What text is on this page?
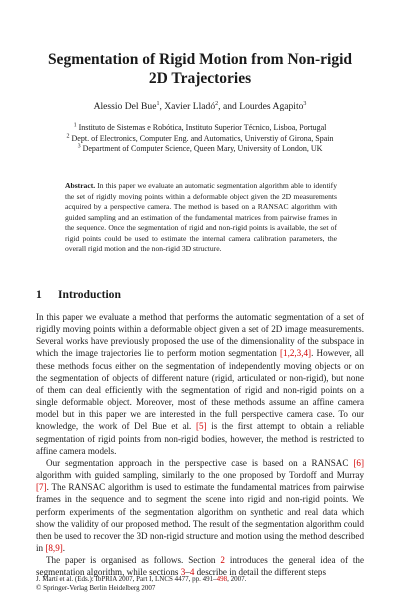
Segmentation of Rigid Motion from Non-rigid
2D Trajectories
Alessio Del Bue$^1$, Xavier Lladó$^2$, and Lourdes Agapito$^3$
$^1$ Instituto de Sistemas e Robótica, Instituto Superior Técnico, Lisboa, Portugal
$^2$ Dept. of Electronics, Computer Eng. and Automatics, Universtiy of Girona, Spain
$^3$ Department of Computer Science, Queen Mary, University of London, UK
Abstract. In this paper we evaluate an automatic segmentation algorithm able to identify the set of rigidly moving points within a deformable object given the 2D measurements acquired by a perspective camera. The method is based on a RANSAC algorithm with guided sampling and an estimation of the fundamental matrices from pairwise frames in the sequence. Once the segmentation of rigid and non-rigid points is available, the set of rigid points could be used to estimate the internal camera calibration parameters, the overall rigid motion and the non-rigid 3D structure.
1 Introduction

In this paper we evaluate a method that performs the automatic segmentation of a set of rigidly moving points within a deformable object given a set of 2D image measurements. Several works have previously proposed the use of the dimensionality of the subspace in which the image trajectories lie to perform motion segmentation [1,2,3,4]. However, all these methods focus either on the segmentation of independently moving objects or on the segmentation of objects of different nature (rigid, articulated or non-rigid), but none of them can deal efficiently with the segmentation of rigid and non-rigid points on a single deformable object. Moreover, most of these methods assume an affine camera model but in this paper we are interested in the full perspective camera case. To our knowledge, the work of Del Bue et al. [5] is the first attempt to obtain a reliable segmentation of rigid points from non-rigid bodies, however, the method is restricted to affine camera models.

Our segmentation approach in the perspective case is based on a RANSAC [6] algorithm with guided sampling, similarly to the one proposed by Tordoff and Murray [7]. The RANSAC algorithm is used to estimate the fundamental matrices from pairwise frames in the sequence and to segment the scene into rigid and non-rigid points. We perform experiments of the segmentation algorithm on synthetic and real data which show the validity of our proposed method. The result of the segmentation algorithm could then be used to recover the 3D non-rigid structure and motion using the method described in [8,9].

The paper is organised as follows. Section 2 introduces the general idea of the segmentation algorithm, while sections 3–4 describe in detail the different steps

J. Martí et al. (Eds.): IbPRIA 2007, Part I, LNCS 4477, pp. 491–498, 2007.
© Springer-Verlag Berlin Heidelberg 2007
